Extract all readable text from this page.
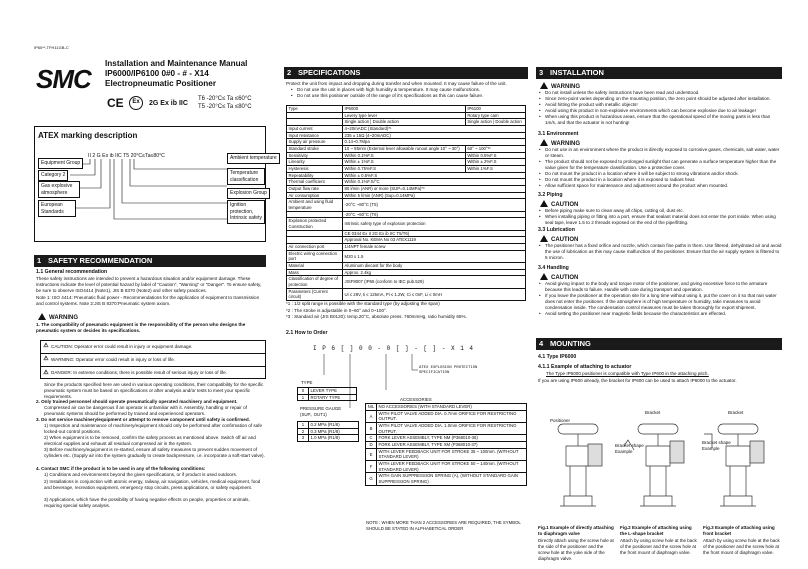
IP60**-TFH11GB-C
SMC
Installation and Maintenance Manual
IP6000/IP6100 0#0 - # - X14
Electropneumatic Positioner
CE	Ex	2G Ex ib IIC
T6 -20°C≤ Ta ≤60°C
T5 -20°C≤ Ta ≤80°C
ATEX marking description
II 2 G Ex ib IIC T5 20°C≤Ta≤80°C
Equipment Group
Category 2
Gas explosive atmosphere
European Standards
Ambient temperature
Temperature classification
Explosion Group
Ignition protection, Intrinsic safety
1 SAFETY RECOMMENDATION
1.1 General recommendation
These safety instructions are intended to prevent a hazardous situation and/or equipment damage. These instructions indicate the level of potential hazard by label of "Caution", "Warning" or "Danger". To ensure safety, be sure to observe ISO4414 (Note1), JIS B 8370 (Note2) and other safety practices.
Note 1: ISO 4414: Pneumatic fluid power - Recommendations for the application of equipment to transmission and control systems. Note 2:JIS B 8370:Pneumatic system axiom.
WARNING
1. The compatibility of pneumatic equipment is the responsibility of the person who designs the pneumatic system or decides its specifications.
⚠ CAUTION: Operator error could result in injury or equipment damage.
⚠ WARNING: Operator error could result in injury or loss of life.
⚠ DANGER: In extreme conditions, there is possible result of serious injury or loss of life.
Since the products specified here are used in various operating conditions, their compatibility for the specific pneumatic system must be based on specifications or after analysis and/or tests to meet your specific requirements.
2. Only trained personnel should operate pneumatically operated machinery and equipment.
Compressed air can be dangerous if an operator is unfamiliar with it. Assembly, handling or repair of pneumatic systems should be performed by trained and experienced operators.
3. Do not service machinery/equipment or attempt to remove component until safety is confirmed.
1) Inspection and maintenance of machinery/equipment should only be performed after confirmation of safe locked-out control positions.
2) When equipment is to be removed, confirm the safety process as mentioned above. Switch off air and electrical supplies and exhaust all residual compressed air in the system.
3) Before machinery/equipment is re-started, ensure all safety measures to prevent sudden movement of cylinders etc. (Supply air into the system gradually to create backpressure, i.e. incorporate a soft-start valve).
4. Contact SMC if the product is to be used in any of the following conditions:
1) Conditions and environments beyond the given specifications, or if product is used outdoors.
2) Installations in conjunction with atomic energy, railway, air navigation, vehicles, medical equipment, food and beverage, recreation equipment, emergency stop circuits, press applications, or safety equipment.
3) Applications, which have the possibility of having negative effects on people, properties or animals, requiring special safety analysis.
2 SPECIFICATIONS
Protect the unit from impact and dropping during transfer and when mounted. It may cause failure of the unit.
• Do not use the unit in places with high humidity & temperature. It may cause malfunctions.
• Do not use this positioner outside of the range of it's specifications as this can cause failure.
Type	IP6000	IP6100
	Levery type lever	Rotary type cam
	Single action | Double action	Single action | Double action
Input current	4~20mADC (Standard)*¹	
Input resistance	235 ± 15Ω (4~20mADC)	
Supply air pressure	0.14~0.7Mpa	
Standard stroke	10 ~ 85mm (External lever allowable runout angle 10° ~ 30°)	60° ~ 100°*²
Sensitivity	Within 0.1%F.S	Within 0.5%F.S
Linearity	Within ± 1%F.S	Within ± 2%F.S
Hysteresis	Within 0.75%F.S	Within 1%F.S
Repeatability	Within ± 0.5%F.S	
Thermal coefficient	Within 0.1%F.S/°C	
Output flow rate	80 l/min (ANR) or more (SUP=0.14MPa)*³	
Air consumption	Within 5 l/min (ANR) (Sup=0.14MPa)	
Ambient and using fluid temperature	-20°C ~80°C (T5)	
	-20°C ~60°C (T6)	
Explosion protected Construction	Intrinsic safety type of explosion protection	
	CE 0344 Ex II 2G Ex ib IIC T5/T6)	
	Approval No. KEMA No 03 ATEX1119	
Air connection port	1/4NPT female screw	
Electric wiring connection port	M20 x 1.5	
Material	Aluminum diecast for the body	
Mass	Approx. 2.4kg	
Classification of degree of protection	JISF8007 (IP65 (conform to IEC pub.529)	
Parameters (Current circuit)	Ui ≤ 28V, Ii ≤ 125mA, Pi ≤ 1.2W, Ci ≤ 0nF, Li ≤ 0mH	
*1 : 1/2 split range is possible with the standard type (by adjusting the span)
*2 : The stroke is adjustable in 0~60° and 0~100°.
*3 : Standard air (JIS B0120): temp.20°C, absolute press. 760mmHg, ratio humidity 65%.
2.1 How to Order
I P 6 [ ] 0 0 - 0 [ ] - [ ] - X 1 4
ATEX EXPLOSION PROTECTION SPECIFICATION
TYPE
0	LEVER TYPE
1	ROTARY TYPE
PRESSURE GAUGE (SUP., OUT1)
1	0.2 MPa (R1/8)
2	0.3 MPa (R1/8)
3	1.0 MPa (R1/8)
ACCESSORIES
NIL	NO ACCESSORIES (WITH STANDARD LEVER)
A	WITH PILOT VALVE ADDED DIA. 0.7mm ORIFICE FOR RESTRICTING OUTPUT.
B	WITH PILOT VALVE ADDED DIA. 1.0mm ORIFICE FOR RESTRICTING OUTPUT.
C	FORK LEVER ASSEMBLY, TYPE NM (P368010-36)
D	FORK LEVER ASSEMBLY, TYPE XM (P368010-37)
E	WITH LEVER FEEDBACK UNIT FOR STROKE 35 ~ 100mm. (WITHOUT STANDARD LEVER)
F	WITH LEVER FEEDBACK UNIT FOR STROKE 50 ~ 140mm. (WITHOUT STANDARD LEVER)
G	WITH GAIN SUPPRESSION SPRING (A), (WITHOUT STANDARD GAIN SUPPRESSION SPRING)
NOTE : WHEN MORE THAN 2 ACCESSORIES ARE REQUIRED, THE SYMBOL SHOULD BE STATED IN ALPHABETICAL ORDER
3 INSTALLATION
WARNING
• Do not install unless the safety instructions have been read and understood.
• Since zero-point varies depending on the mounting position, the zero point should be adjusted after installation.
• Avoid hitting the product with metallic objects!
• Avoid using this product in non-explosive environments which can become explosive due to air leakage!
• When using this product in hazardous areas, ensure that the operational speed of the moving parts is less than 1m/s, and that the actuator is not hunting!
3.1 Environment
WARNING
• Do not use in an environment where the product is directly exposed to corrosive gases, chemicals, salt water, water or steam.
• The product should not be exposed to prolonged sunlight that can generate a surface temperature higher than the value given for the temperature classification. Use a protective cover.
• Do not mount the product in a location where it will be subject to strong vibrations and/or shock.
• Do not mount the product in a location where it is exposed to radiant heat.
• Allow sufficient space for maintenance and adjustment around the product when mounted.
3.2 Piping
CAUTION
• Before piping make sure to clean away all chips, cutting oil, dust etc.
• When installing piping or fitting into a port, ensure that sealant material does not enter the port inside. When using seal tape, leave 1.5 to 2 threads exposed on the end of the pipe/fitting.
3.3 Lubrication
CAUTION
• The positioner has a fixed orifice and nozzle, which contain fine paths in them. Use filtered, dehydrated air and avoid the use of lubrication as this may cause malfunction of the positioner. Ensure that the air supply system is filtered to 5 micron.
3.4 Handling
CAUTION
• Avoid giving impact to the body and torque motor of the positioner, and giving excessive force to the armature because this leads to failure. Handle with care during transport and operation.
• If you leave the positioner at the operation site for a long time without using it, put the cover on it so that rain water does not enter the positioner. If the atmosphere is of high temperature or humidity, take measures to avoid condensation inside. The condensation control measures must be taken thoroughly for export shipment.
• Avoid setting the positioner near magnetic fields because the characteristics are effected.
4 MOUNTING
4.1 Type IP6000
4.1.1 Example of attaching to actuator
The Type IP6000 positioner is compatible with Type IP600 in the attaching pitch.
If you are using IP600 already, the bracket for IP600 can be used to attach IP6000 to the actuator.
Positioner
Bracket
Bracket shape Example
Bracket
Bracket shape Example
Fig.1 Example of directly attaching to diaphragm valve
Directly attach using the screw hole at the side of the positioner and the screw hole at the yoke side of the diaphragm valve.
Fig.2 Example of attaching using the L-shape bracket
Attach by using screw hole at the back of the positioner and the screw hole at the front mount of diaphragm valve.
Fig.3 Example of attaching using front bracket
Attach by using screw hole at the back of the positioner and the screw hole at the front mount of diaphragm valve.
